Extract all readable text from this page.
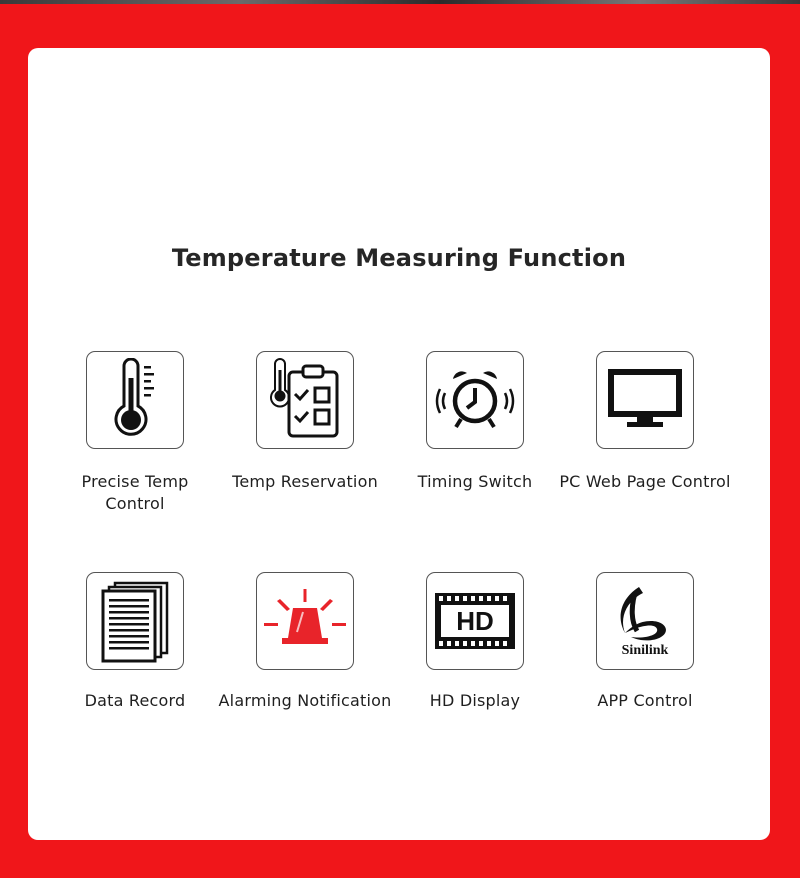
Temperature Measuring Function
Precise Temp Control
Temp Reservation	Timing Switch	PC Web Page Control
Data Record	Alarming Notification
HD
HD Display
Sinilink
APP Control
